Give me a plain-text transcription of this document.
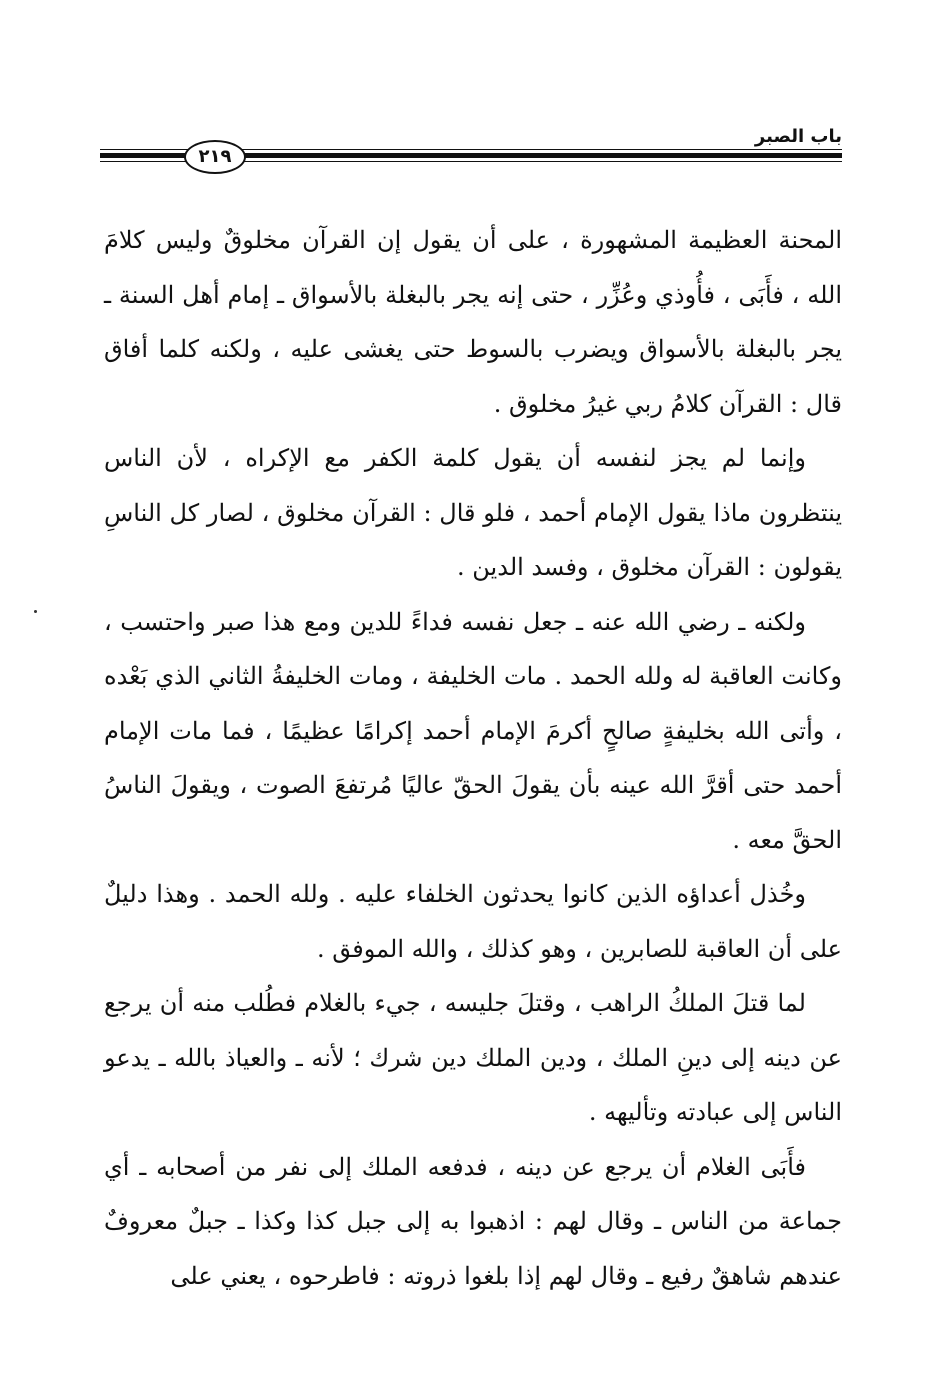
باب الصبر
٢١٩

المحنة العظيمة المشهورة ، على أن يقول إن القرآن مخلوقٌ وليس كلامَ الله ، فأَبَى ، فأُوذي وعُزِّر ، حتى إنه يجر بالبغلة بالأسواق ـ إمام أهل السنة ـ يجر بالبغلة بالأسواق ويضرب بالسوط حتى يغشى عليه ، ولكنه كلما أفاق قال : القرآن كلامُ ربي غيرُ مخلوق .

وإنما لم يجز لنفسه أن يقول كلمة الكفر مع الإكراه ، لأن الناس ينتظرون ماذا يقول الإمام أحمد ، فلو قال : القرآن مخلوق ، لصار كل الناسِ يقولون : القرآن مخلوق ، وفسد الدين .

ولكنه ـ رضي الله عنه ـ جعل نفسه فداءً للدين ومع هذا صبر واحتسب ، وكانت العاقبة له ولله الحمد . مات الخليفة ، ومات الخليفةُ الثاني الذي بَعْده ، وأتى الله بخليفةٍ صالحٍ أكرمَ الإمام أحمد إكرامًا عظيمًا ، فما مات الإمام أحمد حتى أقرَّ الله عينه بأن يقولَ الحقّ عاليًا مُرتفعَ الصوت ، ويقولَ الناسُ الحقَّ معه .

وخُذل أعداؤه الذين كانوا يحدثون الخلفاء عليه . ولله الحمد . وهذا دليلٌ على أن العاقبة للصابرين ، وهو كذلك ، والله الموفق .

لما قتلَ الملكُ الراهب ، وقتلَ جليسه ، جيء بالغلام فطُلب منه أن يرجع عن دينه إلى دينِ الملك ، ودين الملك دين شرك ؛ لأنه ـ والعياذ بالله ـ يدعو الناس إلى عبادته وتأليهه .

فأَبَى الغلام أن يرجع عن دينه ، فدفعه الملك إلى نفر من أصحابه ـ أي جماعة من الناس ـ وقال لهم : اذهبوا به إلى جبل كذا وكذا ـ جبلٌ معروفٌ عندهم شاهقٌ رفيع ـ وقال لهم إذا بلغوا ذروته : فاطرحوه ، يعني على
